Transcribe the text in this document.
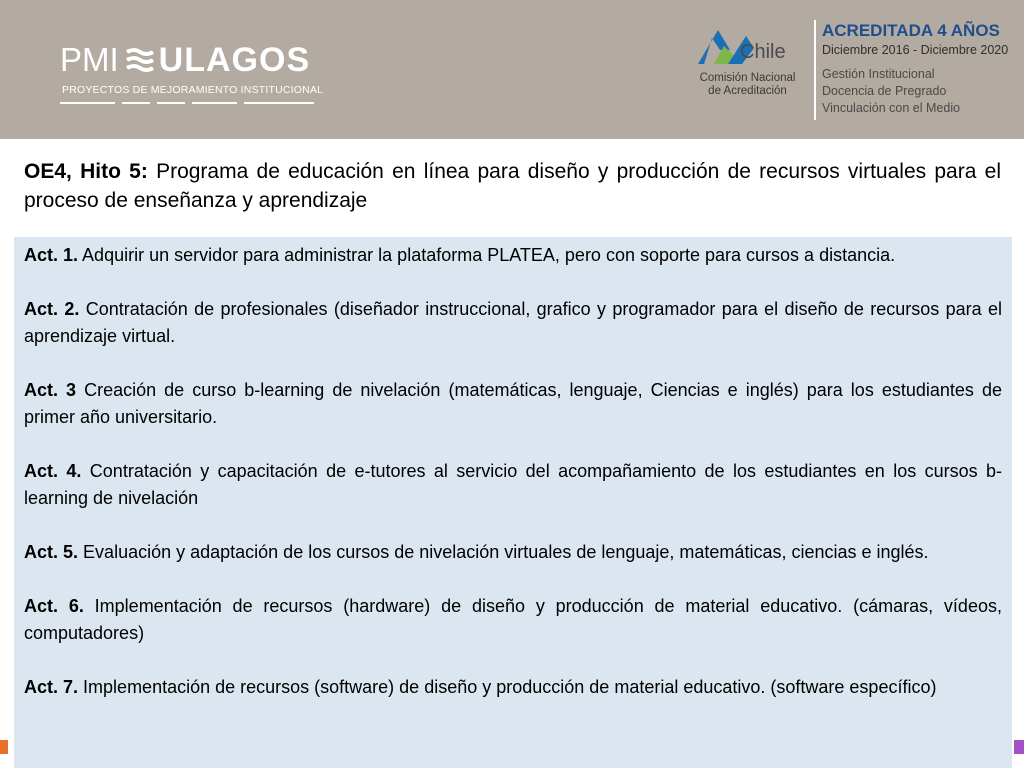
PMI ULAGOS
PROYECTOS DE MEJORAMIENTO INSTITUCIONAL
Chile
Comisión Nacional
de Acreditación
ACREDITADA 4 AÑOS
Diciembre 2016 - Diciembre 2020
Gestión Institucional
Docencia de Pregrado
Vinculación con el Medio
OE4, Hito 5: Programa de educación en línea para diseño y producción de recursos virtuales para el proceso de enseñanza y aprendizaje
Act. 1. Adquirir un servidor para administrar la plataforma PLATEA, pero con soporte para cursos a distancia.
Act. 2. Contratación de profesionales (diseñador instruccional, grafico y programador para el diseño de recursos para el aprendizaje virtual.
Act. 3 Creación de curso b-learning de nivelación (matemáticas, lenguaje, Ciencias e inglés) para los estudiantes de primer año universitario.
Act. 4. Contratación y capacitación de e-tutores al servicio del acompañamiento de los estudiantes en los cursos b-learning de nivelación
Act. 5. Evaluación y adaptación de los cursos de nivelación virtuales de lenguaje, matemáticas, ciencias e inglés.
Act. 6. Implementación de recursos (hardware) de diseño y producción de material educativo. (cámaras, vídeos, computadores)
Act. 7. Implementación de recursos (software) de diseño y producción de material educativo. (software específico)
